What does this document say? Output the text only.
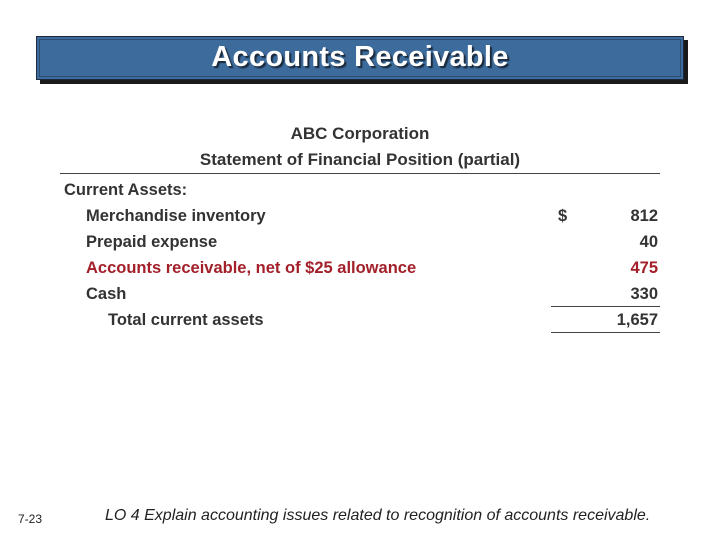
Accounts Receivable
ABC Corporation
Statement of Financial Position (partial)
Current Assets:
Merchandise inventory	$	812
Prepaid expense	40
Accounts receivable, net of $25 allowance	475
Cash	330
Total current assets	1,657
7-23	LO 4 Explain accounting issues related to recognition of accounts receivable.
